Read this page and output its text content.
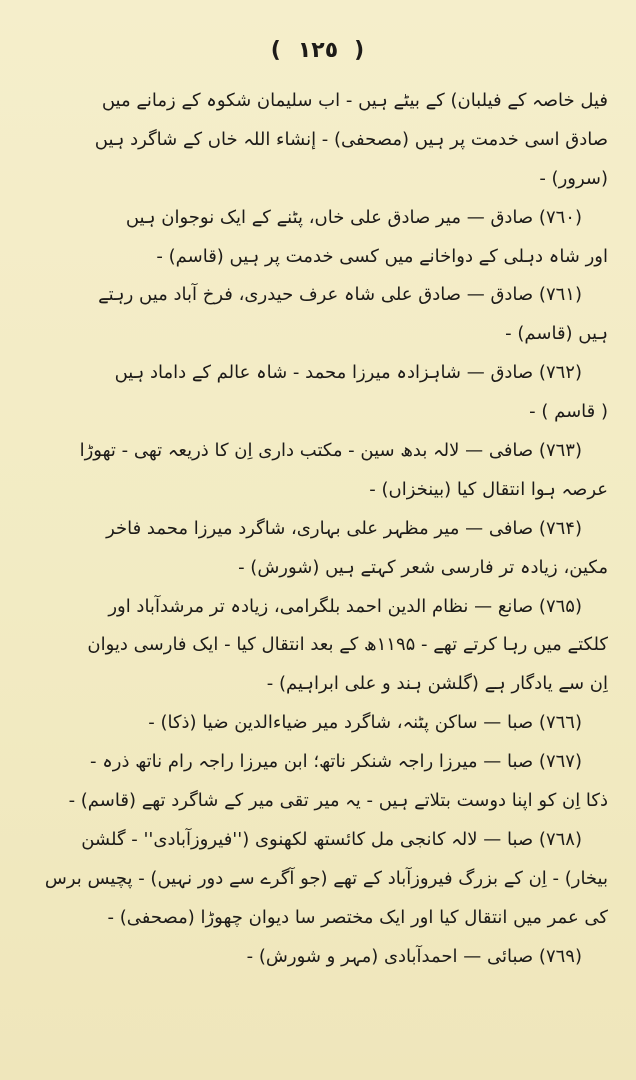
(١٢٥)
فیل خاصہ کے فیلبان) کے بیٹے ہیں - اب سلیمان شکوہ کے زمانے میں
صادق اسی خدمت پر ہیں (مصحفی) - إنشاء اللہ خاں کے شاگرد ہیں
(سرور) -
(۷٦۰) صادق — میر صادق علی خاں، پٹنے کے ایک نوجوان ہیں
اور شاہ دہلی کے دواخانے میں کسی خدمت پر ہیں (قاسم) -
(۷٦۱) صادق — صادق علی شاہ عرف حیدری، فرخ آباد میں رہتے
ہیں (قاسم) -
(۷٦۲) صادق — شاہزادہ میرزا محمد - شاہ عالم کے داماد ہیں
( قاسم ) -
(۷٦۳) صافی — لالہ بدھ سین - مکتب داری اِن کا ذریعہ تھی - تھوڑا
عرصہ ہوا انتقال کیا (بینخزاں) -
(۷٦۴) صافی — میر مظہر علی بہاری، شاگرد میرزا محمد فاخر
مکین، زیادہ تر فارسی شعر کہتے ہیں (شورش) -
(۷٦۵) صانع — نظام الدین احمد بلگرامی، زیادہ تر مرشدآباد اور
کلکتے میں رہا کرتے تھے - ۱۱۹۵ھ کے بعد انتقال کیا - ایک فارسی دیوان
اِن سے یادگار ہے (گلشن ہند و علی ابراہیم) -
(۷٦٦) صبا — ساکن پٹنہ، شاگرد میر ضیاءالدین ضیا (ذکا) -
(۷٦۷) صبا — میرزا راجہ شنکر ناتھ؛ ابن میرزا راجہ رام ناتھ ذرہ -
ذکا اِن کو اپنا دوست بتلاتے ہیں - یہ میر تقی میر کے شاگرد تھے (قاسم) -
(۷٦۸) صبا — لالہ کانجی مل کائستھ لکھنوی (''فیروزآبادی'' - گلشن
بیخار) - اِن کے بزرگ فیروزآباد کے تھے (جو آگرے سے دور نہیں) - پچیس برس
کی عمر میں انتقال کیا اور ایک مختصر سا دیوان چھوڑا (مصحفی) -
(۷٦۹) صبائی — احمدآبادی (مہر و شورش) -
